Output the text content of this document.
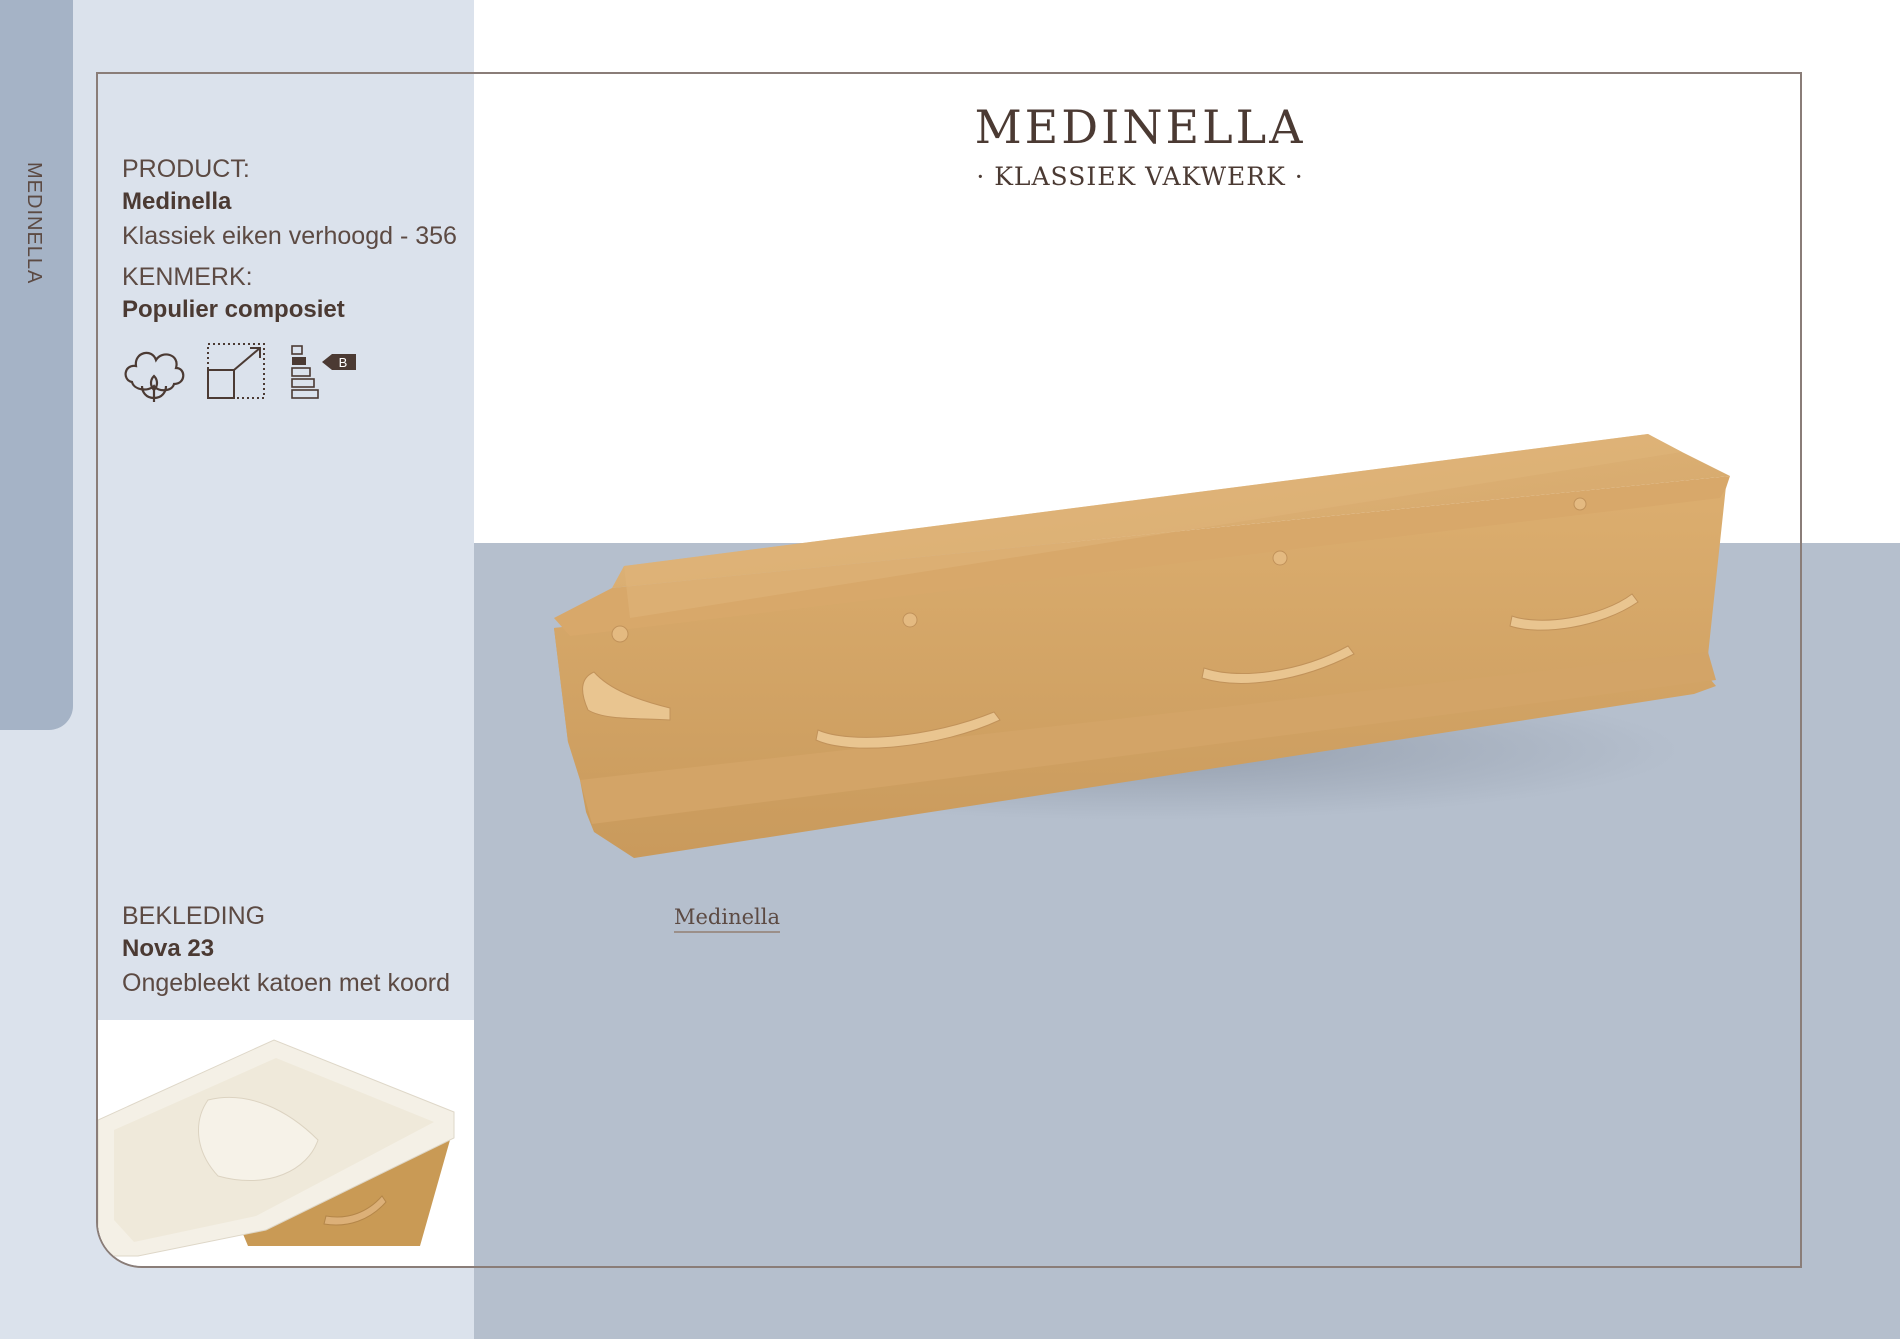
MEDINELLA
MEDINELLA
· KLASSIEK VAKWERK ·
PRODUCT:
Medinella
Klassiek eiken verhoogd - 356
KENMERK:
Populier composiet
B
Medinella
BEKLEDING
Nova 23
Ongebleekt katoen met koord
